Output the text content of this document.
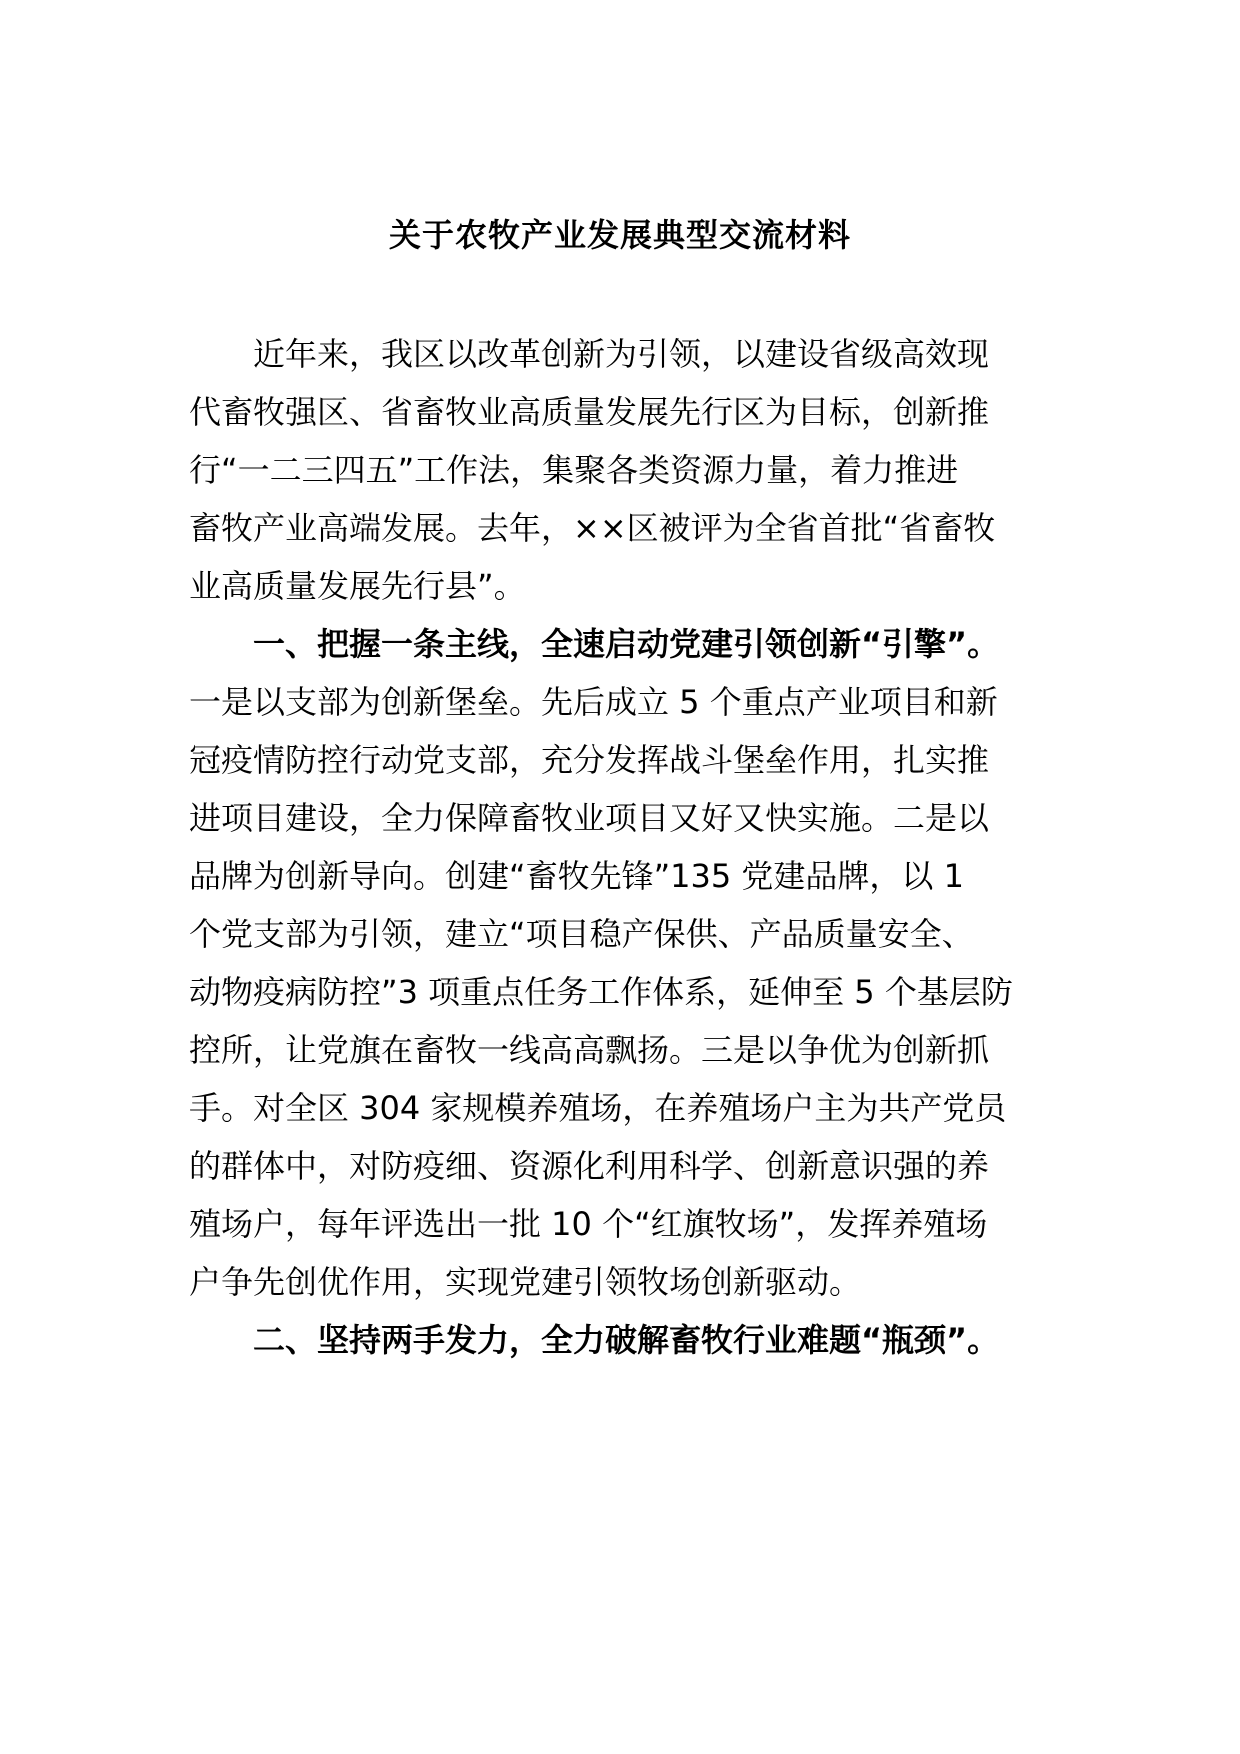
关于农牧产业发展典型交流材料
近年来，我区以改革创新为引领，以建设省级高效现
代畜牧强区、省畜牧业高质量发展先行区为目标，创新推
行“一二三四五”工作法，集聚各类资源力量，着力推进
畜牧产业高端发展。去年，××区被评为全省首批“省畜牧
业高质量发展先行县”。
一、把握一条主线，全速启动党建引领创新“引擎”。
一是以支部为创新堡垒。先后成立 5 个重点产业项目和新
冠疫情防控行动党支部，充分发挥战斗堡垒作用，扎实推
进项目建设，全力保障畜牧业项目又好又快实施。二是以
品牌为创新导向。创建“畜牧先锋”135 党建品牌，以 1
个党支部为引领，建立“项目稳产保供、产品质量安全、
动物疫病防控”3 项重点任务工作体系，延伸至 5 个基层防
控所，让党旗在畜牧一线高高飘扬。三是以争优为创新抓
手。对全区 304 家规模养殖场，在养殖场户主为共产党员
的群体中，对防疫细、资源化利用科学、创新意识强的养
殖场户，每年评选出一批 10 个“红旗牧场”，发挥养殖场
户争先创优作用，实现党建引领牧场创新驱动。
二、坚持两手发力，全力破解畜牧行业难题“瓶颈”。
